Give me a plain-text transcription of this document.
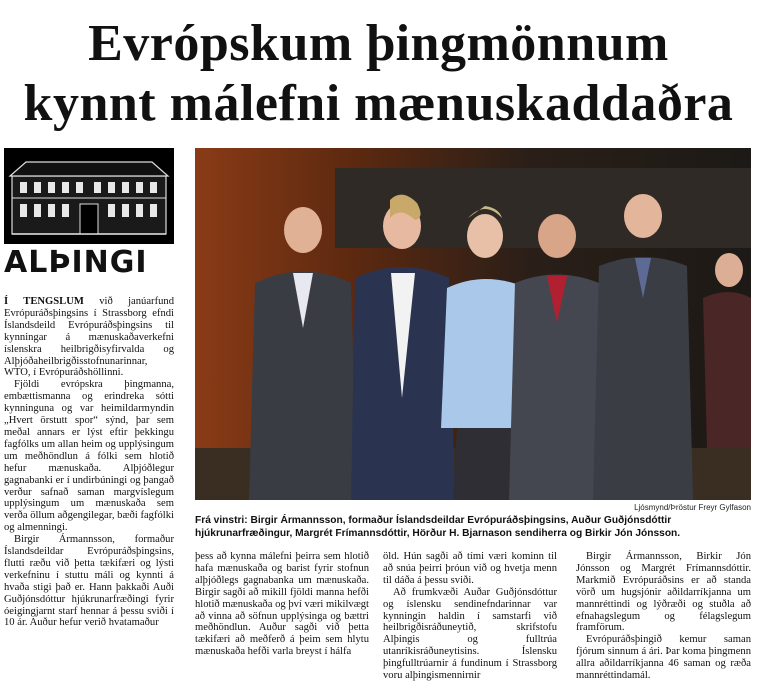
Evrópskum þingmönnum
kynnt málefni mænuskaddaðra
ALÞINGI

Í TENGSLUM við janúarfund Evrópuráðsþingsins í Strassborg efndi Íslandsdeild Evrópuráðsþingsins til kynningar á mænuskaðaverkefni íslenskra heilbrigðisyfirvalda og Alþjóðaheilbrigðisstofnunarinnar, WTO, í Evrópuráðshöllinni.

Fjöldi evrópskra þingmanna, embættismanna og erindreka sótti kynninguna og var heimildarmyndin „Hvert örstutt spor“ sýnd, þar sem meðal annars er lýst eftir þekkingu fagfólks um allan heim og upplýsingum um meðhöndlun á fólki sem hlotið hefur mænuskaða. Alþjóðlegur gagnabanki er í undirbúningi og þangað verður safnað saman margvíslegum upplýsingum um mænuskaða sem verða öllum aðgengilegar, bæði fagfólki og almenningi.

Birgir Ármannsson, formaður Íslandsdeildar Evrópuráðsþingsins, flutti ræðu við þetta tækifæri og lýsti verkefninu í stuttu máli og kynnti á hvaða stigi það er. Hann þakkaði Auði Guðjónsdóttur hjúkrunarfræðingi fyrir óeigingjarnt starf hennar á þessu sviði í 10 ár. Auður hefur verið hvatamaður

Ljósmynd/Þröstur Freyr Gylfason
Frá vinstri: Birgir Ármannsson, formaður Íslandsdeildar Evrópuráðsþingsins, Auður Guðjónsdóttir hjúkrunarfræðingur, Margrét Frímannsdóttir, Hörður H. Bjarnason sendiherra og Birkir Jón Jónsson.

þess að kynna málefni þeirra sem hlotið hafa mænuskaða og barist fyrir stofnun alþjóðlegs gagnabanka um mænuskaða. Birgir sagði að mikill fjöldi manna hefði hlotið mænuskaða og því væri mikilvægt að vinna að söfnun upplýsinga og bættri meðhöndlun. Auður sagði við þetta tækifæri að meðferð á þeim sem hlytu mænuskaða hefði varla breyst í hálfa

öld. Hún sagði að tími væri kominn til að snúa þeirri þróun við og hvetja menn til dáða á þessu sviði.

Að frumkvæði Auðar Guðjónsdóttur og íslensku sendinefndarinnar var kynningin haldin í samstarfi við heilbrigðisráðuneytið, skrifstofu Alþingis og fulltrúa utanríkisráðuneytisins. Íslensku þingfulltrúarnir á fundinum í Strassborg voru alþingismennirnir

Birgir Ármannsson, Birkir Jón Jónsson og Margrét Frímannsdóttir. Markmið Evrópuráðsins er að standa vörð um hugsjónir aðildarríkjanna um mannréttindi og lýðræði og stuðla að efnahagslegum og félagslegum framförum.

Evrópuráðsþingið kemur saman fjórum sinnum á ári. Þar koma þingmenn allra aðildarríkjanna 46 saman og ræða mannréttindamál.
